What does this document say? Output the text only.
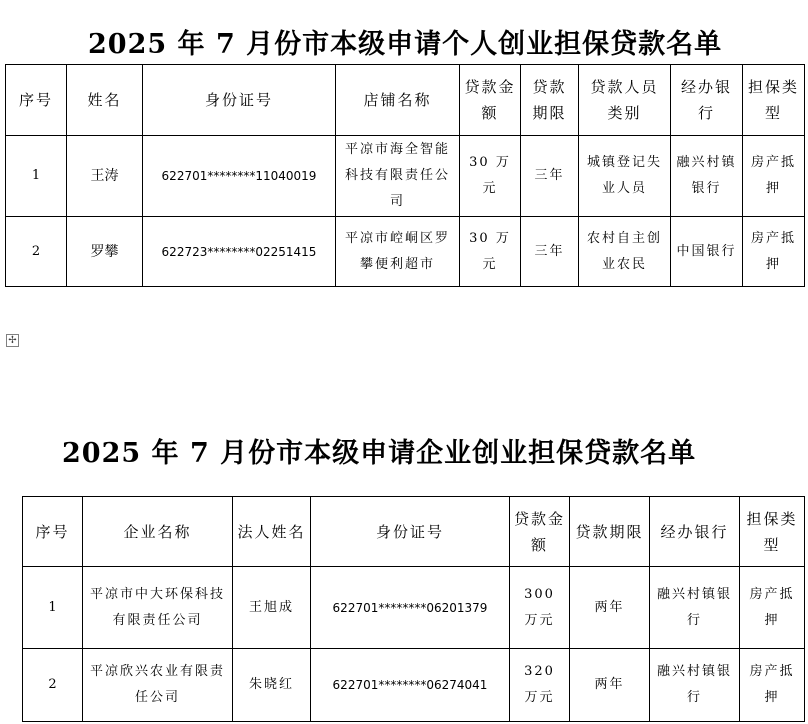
2025 年 7 月份市本级申请个人创业担保贷款名单
序号	姓名	身份证号	店铺名称	贷款金额	贷款期限	贷款人员类别	经办银行	担保类型
1	王涛	622701********11040019	平凉市海全智能科技有限责任公司	30 万元	三年	城镇登记失业人员	融兴村镇银行	房产抵押
2	罗攀	622723********02251415	平凉市崆峒区罗攀便利超市	30 万元	三年	农村自主创业农民	中国银行	房产抵押
✢
2025 年 7 月份市本级申请企业创业担保贷款名单
序号	企业名称	法人姓名	身份证号	贷款金额	贷款期限	经办银行	担保类型
1	平凉市中大环保科技有限责任公司	王旭成	622701********06201379	300 万元	两年	融兴村镇银行	房产抵押
2	平凉欣兴农业有限责任公司	朱晓红	622701********06274041	320 万元	两年	融兴村镇银行	房产抵押
